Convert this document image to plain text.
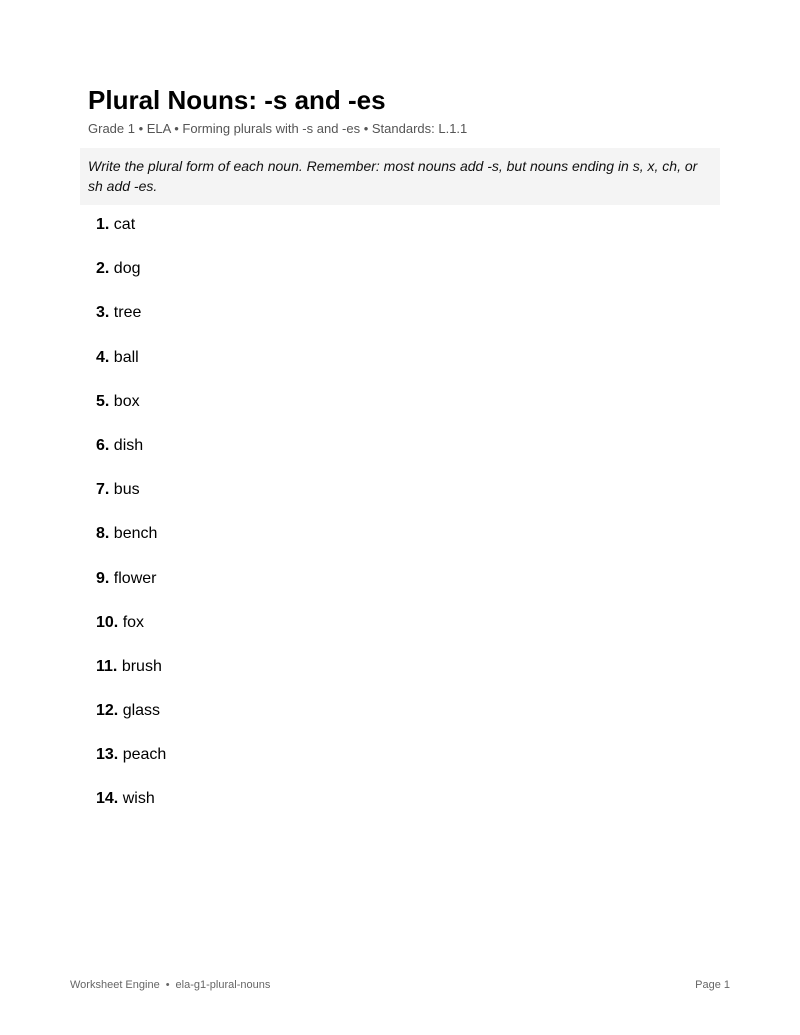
Plural Nouns: -s and -es
Grade 1 • ELA • Forming plurals with -s and -es • Standards: L.1.1
Write the plural form of each noun. Remember: most nouns add -s, but nouns ending in s, x, ch, or sh add -es.
1. cat
2. dog
3. tree
4. ball
5. box
6. dish
7. bus
8. bench
9. flower
10. fox
11. brush
12. glass
13. peach
14. wish
Worksheet Engine • ela-g1-plural-nouns	Page 1
